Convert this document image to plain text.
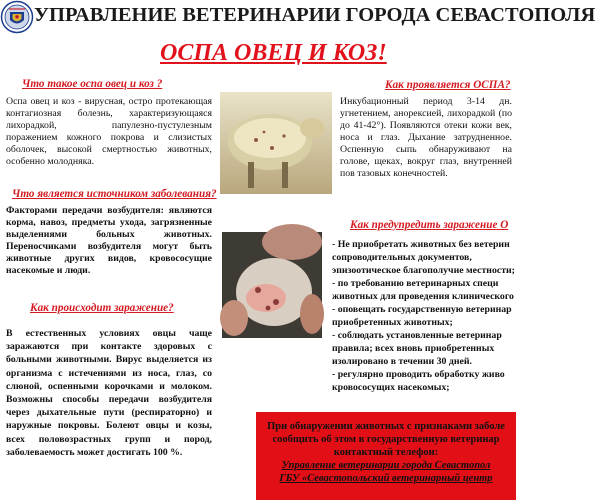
УПРАВЛЕНИЕ ВЕТЕРИНАРИИ ГОРОДА СЕВАСТОПОЛЯ
ОСПА ОВЕЦ И КОЗ!
Что такое оспа овец и коз ?
Оспа овец и коз - вирусная, остро протекающая контагиозная болезнь, характеризующаяся лихорадкой, папулезно-пустулезным поражением кожного покрова и слизистых оболочек, высокой смертностью животных, особенно молодняка.
Что является источником заболевания?
Факторами передачи возбудителя: являются корма, навоз, предметы ухода, загрязненные выделениями больных животных. Переносчиками возбудителя могут быть животные других видов, кровососущие насекомые и люди.
Как происходит заражение?
В естественных условиях овцы чаще заражаются при контакте здоровых с больными животными. Вирус выделяется из организма с истечениями из носа, глаз, со слюной, оспенными корочками и молоком. Возможны способы передачи возбудителя через дыхательные пути (респираторно) и наружные покровы. Болеют овцы и козы, всех половозрастных групп и пород, заболеваемость может достигать 100 %.
Как проявляется ОСПА?
Инкубационный период 3-14 дн. угнетением, анорексией, лихорадкой (по до 41-42°). Появляются отеки кожи век, носа и глаз. Дыхание затрудненное. Оспенную сыпь обнаруживают на голове, щеках, вокруг глаз, внутренней пов тазовых конечностей.
Как предупредить заражение О
- Не приобретать животных без ветерин
сопроводительных документов,
эпизоотическое благополучие местности;
- по требованию ветеринарных специ
животных для проведения клинического
- оповещать государственную ветеринар
приобретенных животных;
- соблюдать установленные ветеринар
правила; всех вновь приобретенных
изолировано в течении 30 дней.
- регулярно проводить обработку живо
кровососущих насекомых;
При обнаружении животных с признаками заболе
сообщить об этом в государственную ветеринар
контактный телефон:
Управление ветеринарии города Севастопол
ГБУ «Севастопольский ветеринарный центр
